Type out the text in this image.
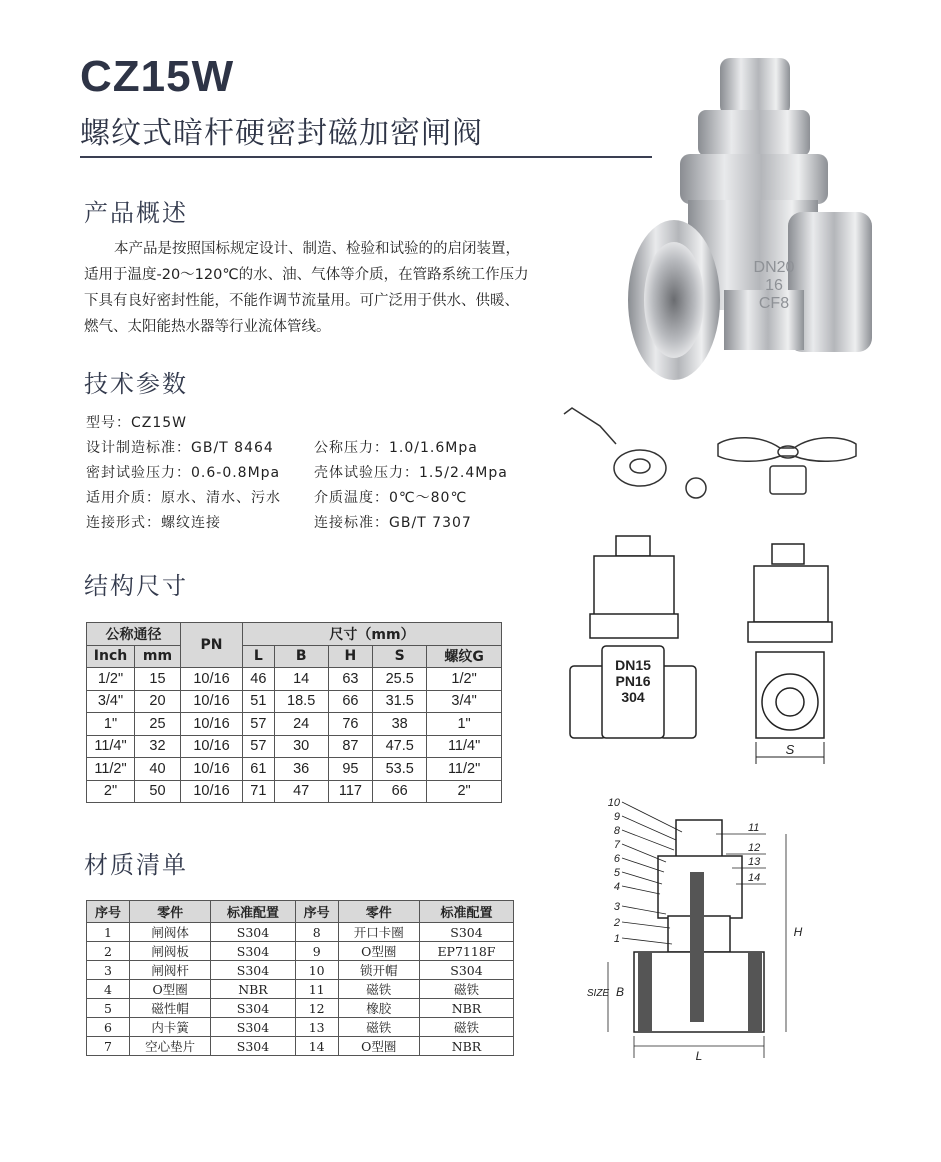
CZ15W
螺纹式暗杆硬密封磁加密闸阀
产品概述

本产品是按照国标规定设计、制造、检验和试验的的启闭装置，

适用于温度-20～120℃的水、油、气体等介质，在管路系统工作压力

下具有良好密封性能，不能作调节流量用。可广泛用于供水、供暖、

燃气、太阳能热水器等行业流体管线。

技术参数
型号：CZ15W
设计制造标准：GB/T 8464
密封试验压力：0.6-0.8Mpa
适用介质：原水、清水、污水
连接形式：螺纹连接
公称压力：1.0/1.6Mpa
壳体试验压力：1.5/2.4Mpa
介质温度：0℃～80℃
连接标准：GB/T 7307
结构尺寸
公称通径		PN	尺寸（mm）				
Inch	mm		L	B	H	S	螺纹G
1/2"	15	10/16	46	14	63	25.5	1/2"
3/4"	20	10/16	51	18.5	66	31.5	3/4"
1"	25	10/16	57	24	76	38	1"
11/4"	32	10/16	57	30	87	47.5	11/4"
11/2"	40	10/16	61	36	95	53.5	11/2"
2"	50	10/16	71	47	117	66	2"
材质清单
序号	零件	标准配置	序号	零件	标准配置
1	闸阀体	S304	8	开口卡圈	S304
2	闸阀板	S304	9	O型圈	EP7118F
3	闸阀杆	S304	10	锁开帽	S304
4	O型圈	NBR	11	磁铁	磁铁
5	磁性帽	S304	12	橡胶	NBR
6	内卡簧	S304	13	磁铁	磁铁
7	空心垫片	S304	14	O型圈	NBR
DN20
16
CF8
DN15
PN16
304
S
10
9
8
7
6
5
4
3
2
1
11
12
13
14
H
B
SIZE
L
